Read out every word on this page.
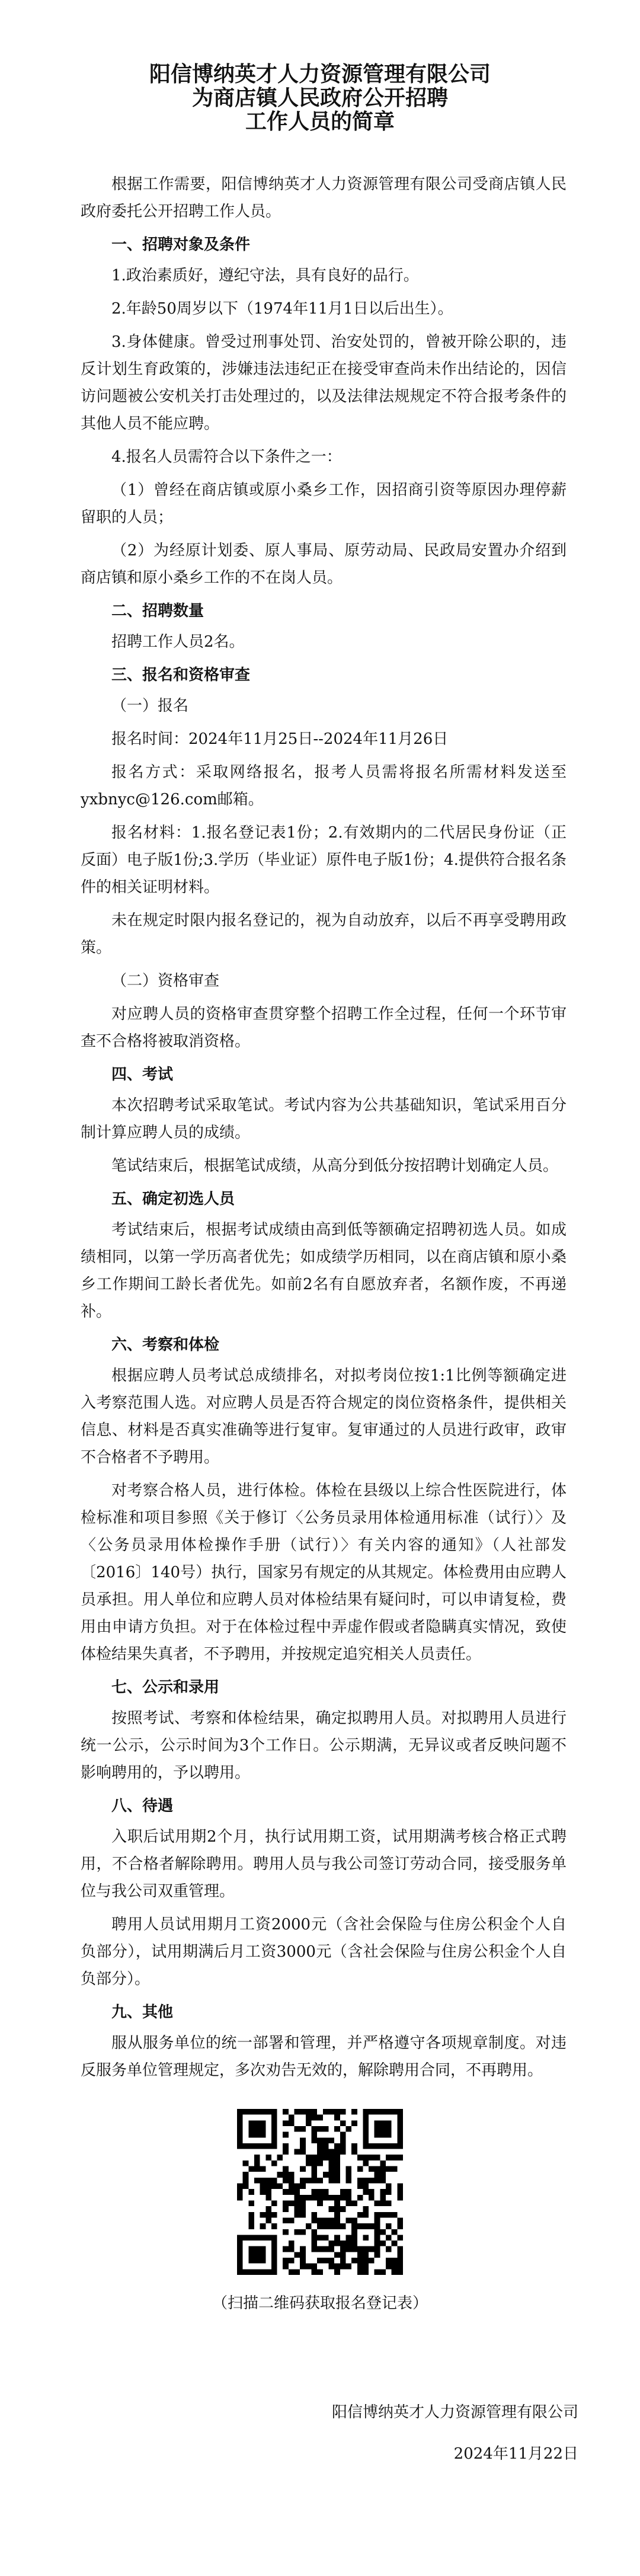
阳信博纳英才人力资源管理有限公司
为商店镇人民政府公开招聘
工作人员的简章

根据工作需要，阳信博纳英才人力资源管理有限公司受商店镇人民政府委托公开招聘工作人员。

一、招聘对象及条件

1.政治素质好，遵纪守法，具有良好的品行。

2.年龄50周岁以下（1974年11月1日以后出生）。

3.身体健康。曾受过刑事处罚、治安处罚的，曾被开除公职的，违反计划生育政策的，涉嫌违法违纪正在接受审查尚未作出结论的，因信访问题被公安机关打击处理过的，以及法律法规规定不符合报考条件的其他人员不能应聘。

4.报名人员需符合以下条件之一：

（1）曾经在商店镇或原小桑乡工作，因招商引资等原因办理停薪留职的人员；

（2）为经原计划委、原人事局、原劳动局、民政局安置办介绍到商店镇和原小桑乡工作的不在岗人员。

二、招聘数量

招聘工作人员2名。

三、报名和资格审查

（一）报名

报名时间：2024年11月25日--2024年11月26日

报名方式：采取网络报名，报考人员需将报名所需材料发送至yxbnyc@126.com邮箱。

报名材料：1.报名登记表1份；2.有效期内的二代居民身份证（正反面）电子版1份;3.学历（毕业证）原件电子版1份；4.提供符合报名条件的相关证明材料。

未在规定时限内报名登记的，视为自动放弃，以后不再享受聘用政策。

（二）资格审查

对应聘人员的资格审查贯穿整个招聘工作全过程，任何一个环节审查不合格将被取消资格。

四、考试

本次招聘考试采取笔试。考试内容为公共基础知识，笔试采用百分制计算应聘人员的成绩。

笔试结束后，根据笔试成绩，从高分到低分按招聘计划确定人员。

五、确定初选人员

考试结束后，根据考试成绩由高到低等额确定招聘初选人员。如成绩相同，以第一学历高者优先；如成绩学历相同，以在商店镇和原小桑乡工作期间工龄长者优先。如前2名有自愿放弃者，名额作废，不再递补。

六、考察和体检

根据应聘人员考试总成绩排名，对拟考岗位按1:1比例等额确定进入考察范围人选。对应聘人员是否符合规定的岗位资格条件，提供相关信息、材料是否真实准确等进行复审。复审通过的人员进行政审，政审不合格者不予聘用。

对考察合格人员，进行体检。体检在县级以上综合性医院进行，体检标准和项目参照《关于修订〈公务员录用体检通用标准（试行）〉及〈公务员录用体检操作手册（试行）〉有关内容的通知》（人社部发〔2016〕140号）执行，国家另有规定的从其规定。体检费用由应聘人员承担。用人单位和应聘人员对体检结果有疑问时，可以申请复检，费用由申请方负担。对于在体检过程中弄虚作假或者隐瞒真实情况，致使体检结果失真者，不予聘用，并按规定追究相关人员责任。

七、公示和录用

按照考试、考察和体检结果，确定拟聘用人员。对拟聘用人员进行统一公示，公示时间为3个工作日。公示期满，无异议或者反映问题不影响聘用的，予以聘用。

八、待遇

入职后试用期2个月，执行试用期工资，试用期满考核合格正式聘用，不合格者解除聘用。聘用人员与我公司签订劳动合同，接受服务单位与我公司双重管理。

聘用人员试用期月工资2000元（含社会保险与住房公积金个人自负部分），试用期满后月工资3000元（含社会保险与住房公积金个人自负部分）。

九、其他

服从服务单位的统一部署和管理，并严格遵守各项规章制度。对违反服务单位管理规定，多次劝告无效的，解除聘用合同，不再聘用。

（扫描二维码获取报名登记表）
阳信博纳英才人力资源管理有限公司
2024年11月22日
